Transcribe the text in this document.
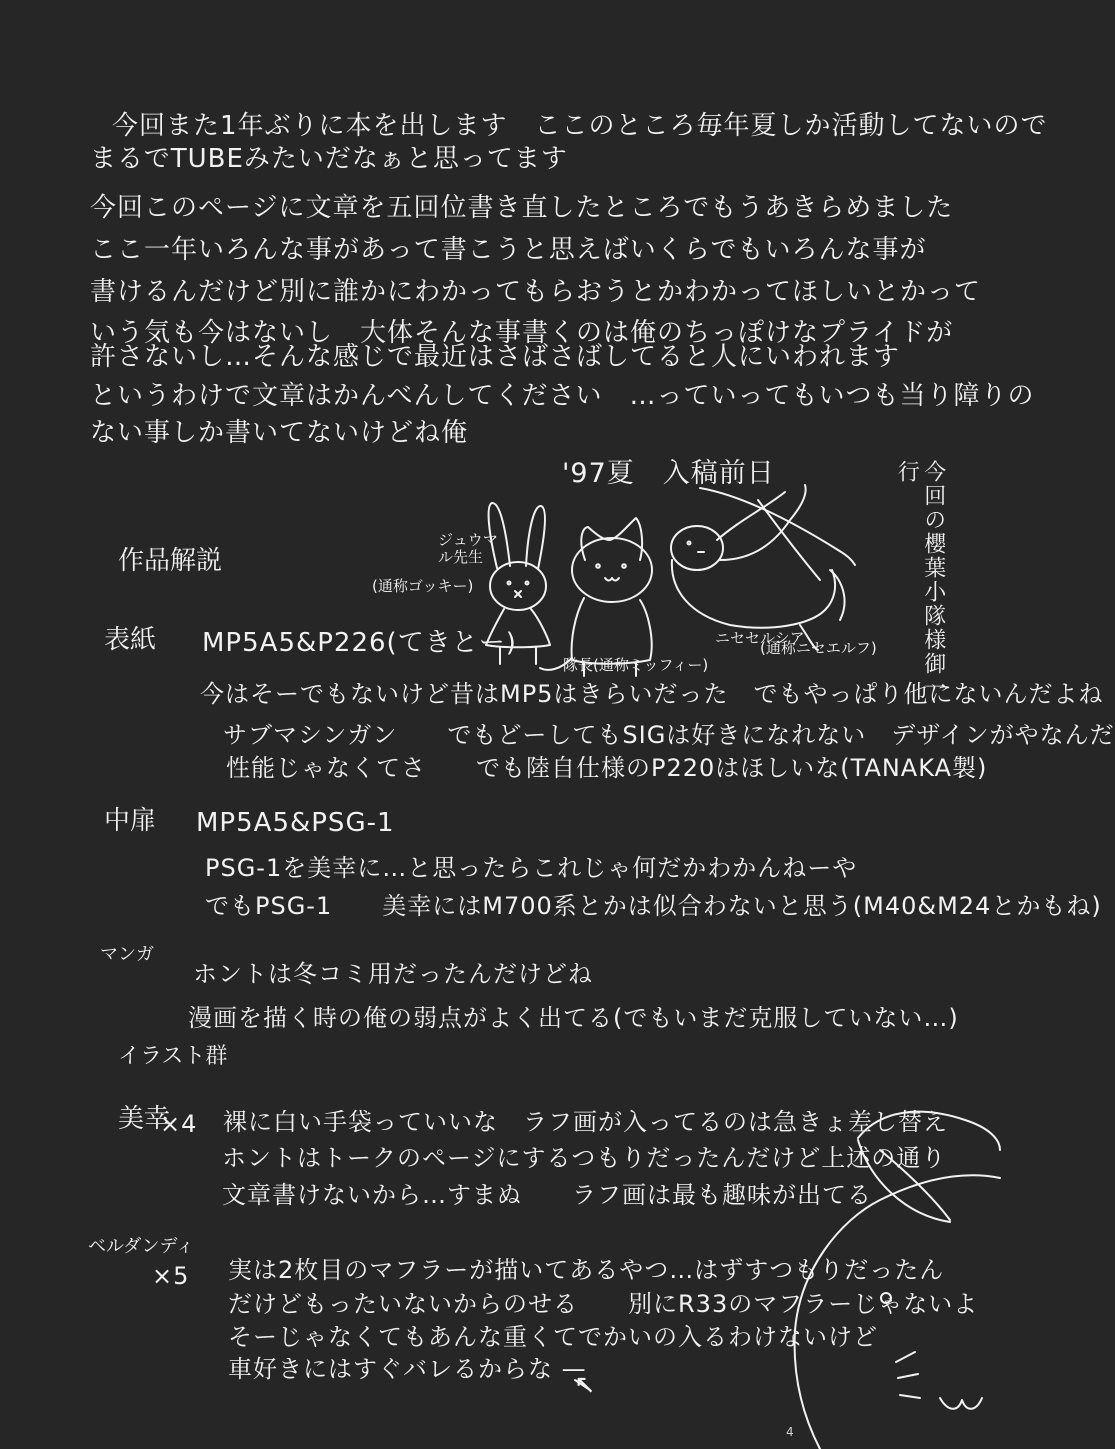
今回また1年ぶりに本を出します　ここのところ毎年夏しか活動してないので
まるでTUBEみたいだなぁと思ってます
今回このページに文章を五回位書き直したところでもうあきらめました
ここ一年いろんな事があって書こうと思えばいくらでもいろんな事が
書けるんだけど別に誰かにわかってもらおうとかわかってほしいとかって
いう気も今はないし　大体そんな事書くのは俺のちっぽけなプライドが
許さないし…そんな感じで最近はさばさばしてると人にいわれます
というわけで文章はかんべんしてください　…っていってもいつも当り障りの
ない事しか書いてないけどね俺
'97夏　入稿前日	今回の櫻葉小隊様御一行
ジュウマル先生
(通称ゴッキー)
隊長(通称ミッフィー)
ニセセルシア
(通称ニセエルフ)
作品解説
表紙 MP5A5&P226(てきとー)
今はそーでもないけど昔はMP5はきらいだった　でもやっぱり他にないんだよね
サブマシンガン　　でもどーしてもSIGは好きになれない　デザインがやなんだ
性能じゃなくてさ　　でも陸自仕様のP220はほしいな(TANAKA製)
中扉 MP5A5&PSG-1
PSG-1を美幸に…と思ったらこれじゃ何だかわかんねーや
でもPSG-1　　美幸にはM700系とかは似合わないと思う(M40&M24とかもね)
マンガ
ホントは冬コミ用だったんだけどね
漫画を描く時の俺の弱点がよく出てる(でもいまだ克服していない…)
イラスト群
美幸
×4 裸に白い手袋っていいな　ラフ画が入ってるのは急きょ差し替え
ホントはトークのページにするつもりだったんだけど上述の通り
文章書けないから…すまぬ　　ラフ画は最も趣味が出てる
ベルダンディ
×5 実は2枚目のマフラーが描いてあるやつ…はずすつもりだったん
だけどもったいないからのせる　　別にR33のマフラーじゃないよ
そーじゃなくてもあんな重くてでかいの入るわけないけど
車好きにはすぐバレるからな —
↖
4
